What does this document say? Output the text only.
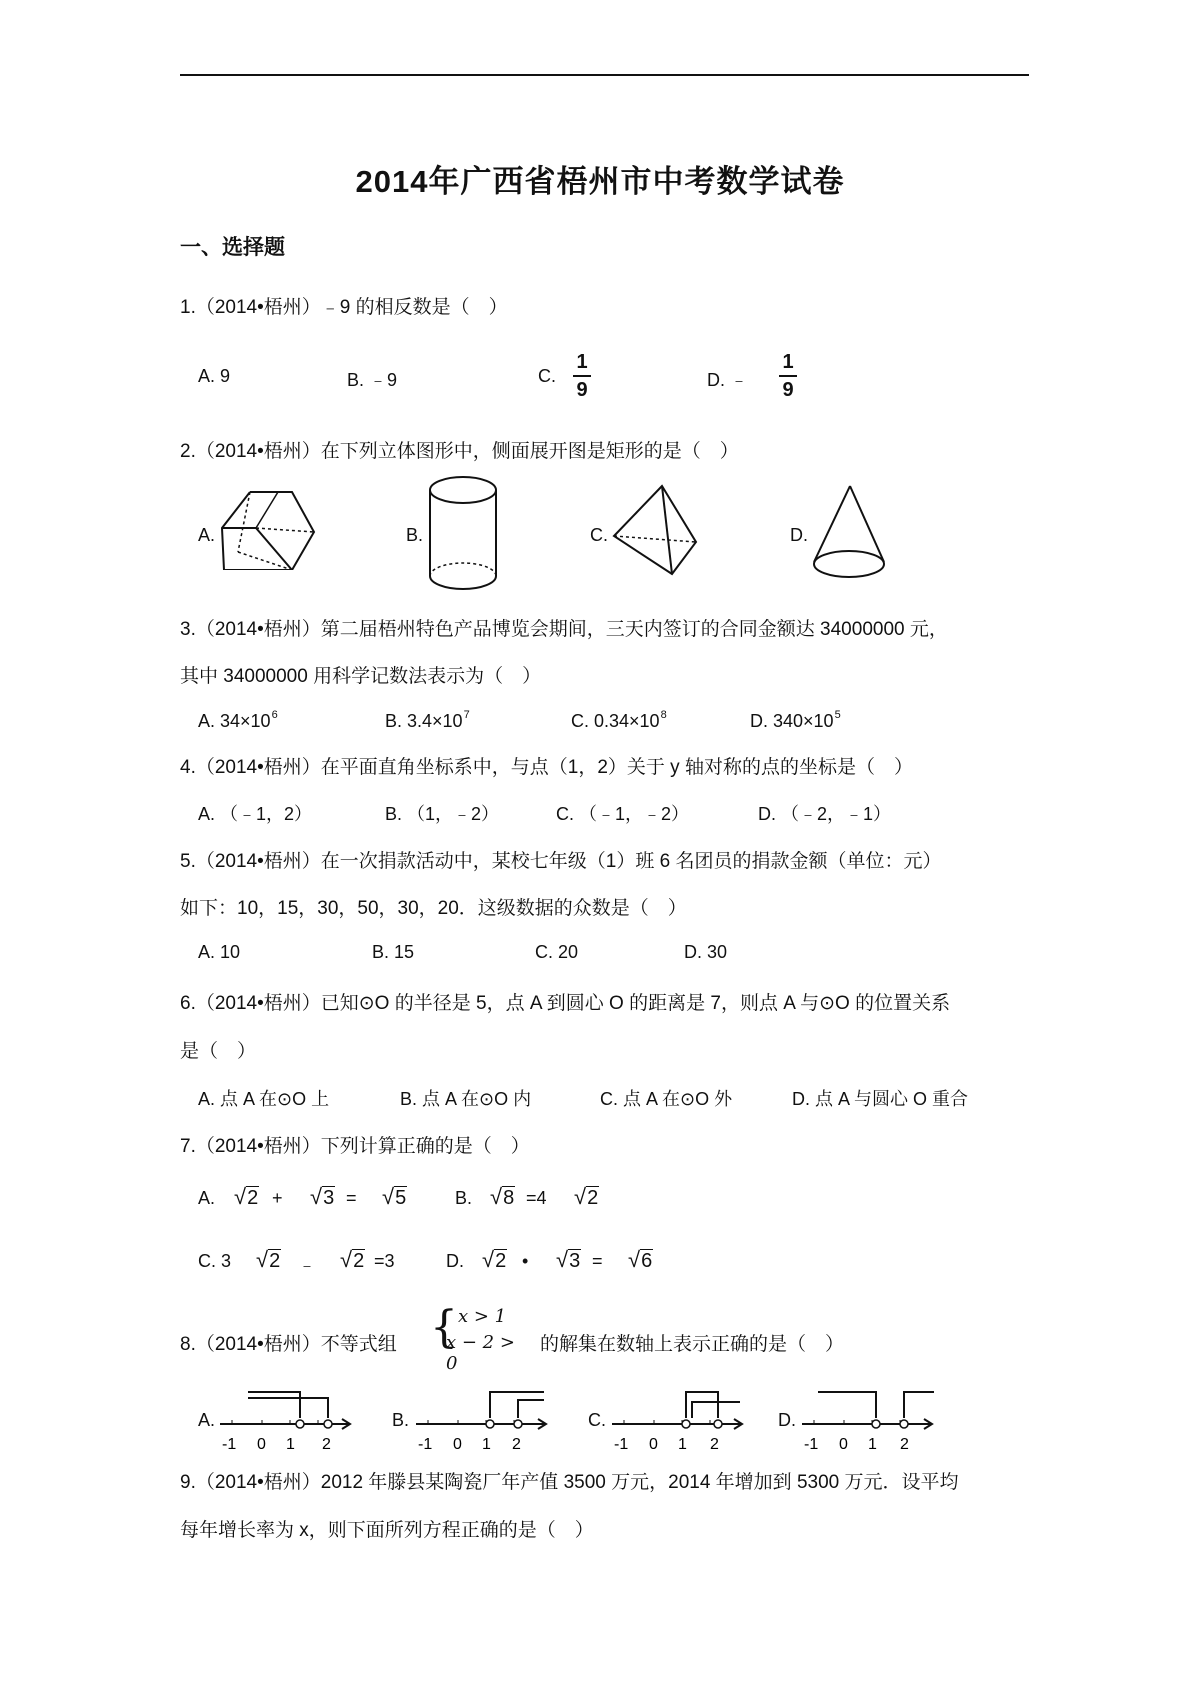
2014年广西省梧州市中考数学试卷
一、选择题
1.（2014•梧州）﹣9 的相反数是（　）
A. 9	B. ﹣9	C.
1
9	D. ﹣
1
9
2.（2014•梧州）在下列立体图形中，侧面展开图是矩形的是（　）
A.	B.	C.	D.
3.（2014•梧州）第二届梧州特色产品博览会期间，三天内签订的合同金额达 34000000 元，
其中 34000000 用科学记数法表示为（　）
A. $34\times 10^6$	B. $3.4\times 10^7$	C. $0.34\times 10^8$	D. $340\times 10^5$
4.（2014•梧州）在平面直角坐标系中，与点（1，2）关于 y 轴对称的点的坐标是（　）
A. （﹣1，2）	B. （1，﹣2）	C. （﹣1，﹣2）	D. （﹣2，﹣1）
5.（2014•梧州）在一次捐款活动中，某校七年级（1）班 6 名团员的捐款金额（单位：元）
如下：10，15，30，50，30，20．这级数据的众数是（　）
A. 10	B. 15	C. 20	D. 30
6.（2014•梧州）已知⊙O 的半径是 5，点 A 到圆心 O 的距离是 7，则点 A 与⊙O 的位置关系
是（　）
A. 点 A 在⊙O 上	B. 点 A 在⊙O 内	C. 点 A 在⊙O 外	D. 点 A 与圆心 O 重合
7.（2014•梧州）下列计算正确的是（　）
A. √2 + √3 = √5	B. √8 =4 √2
C. 3 √2 ﹣ √2 =3	D. √2 • √3 = √6
8.（2014•梧州）不等式组 { x > 1
x − 2 > 0
的解集在数轴上表示正确的是（　）
A.	B.	C.	D.
-1 0 1 2	-1 0 1 2	-1 0 1 2	-1 0 1 2
9.（2014•梧州）2012 年滕县某陶瓷厂年产值 3500 万元，2014 年增加到 5300 万元．设平均
每年增长率为 x，则下面所列方程正确的是（　）
